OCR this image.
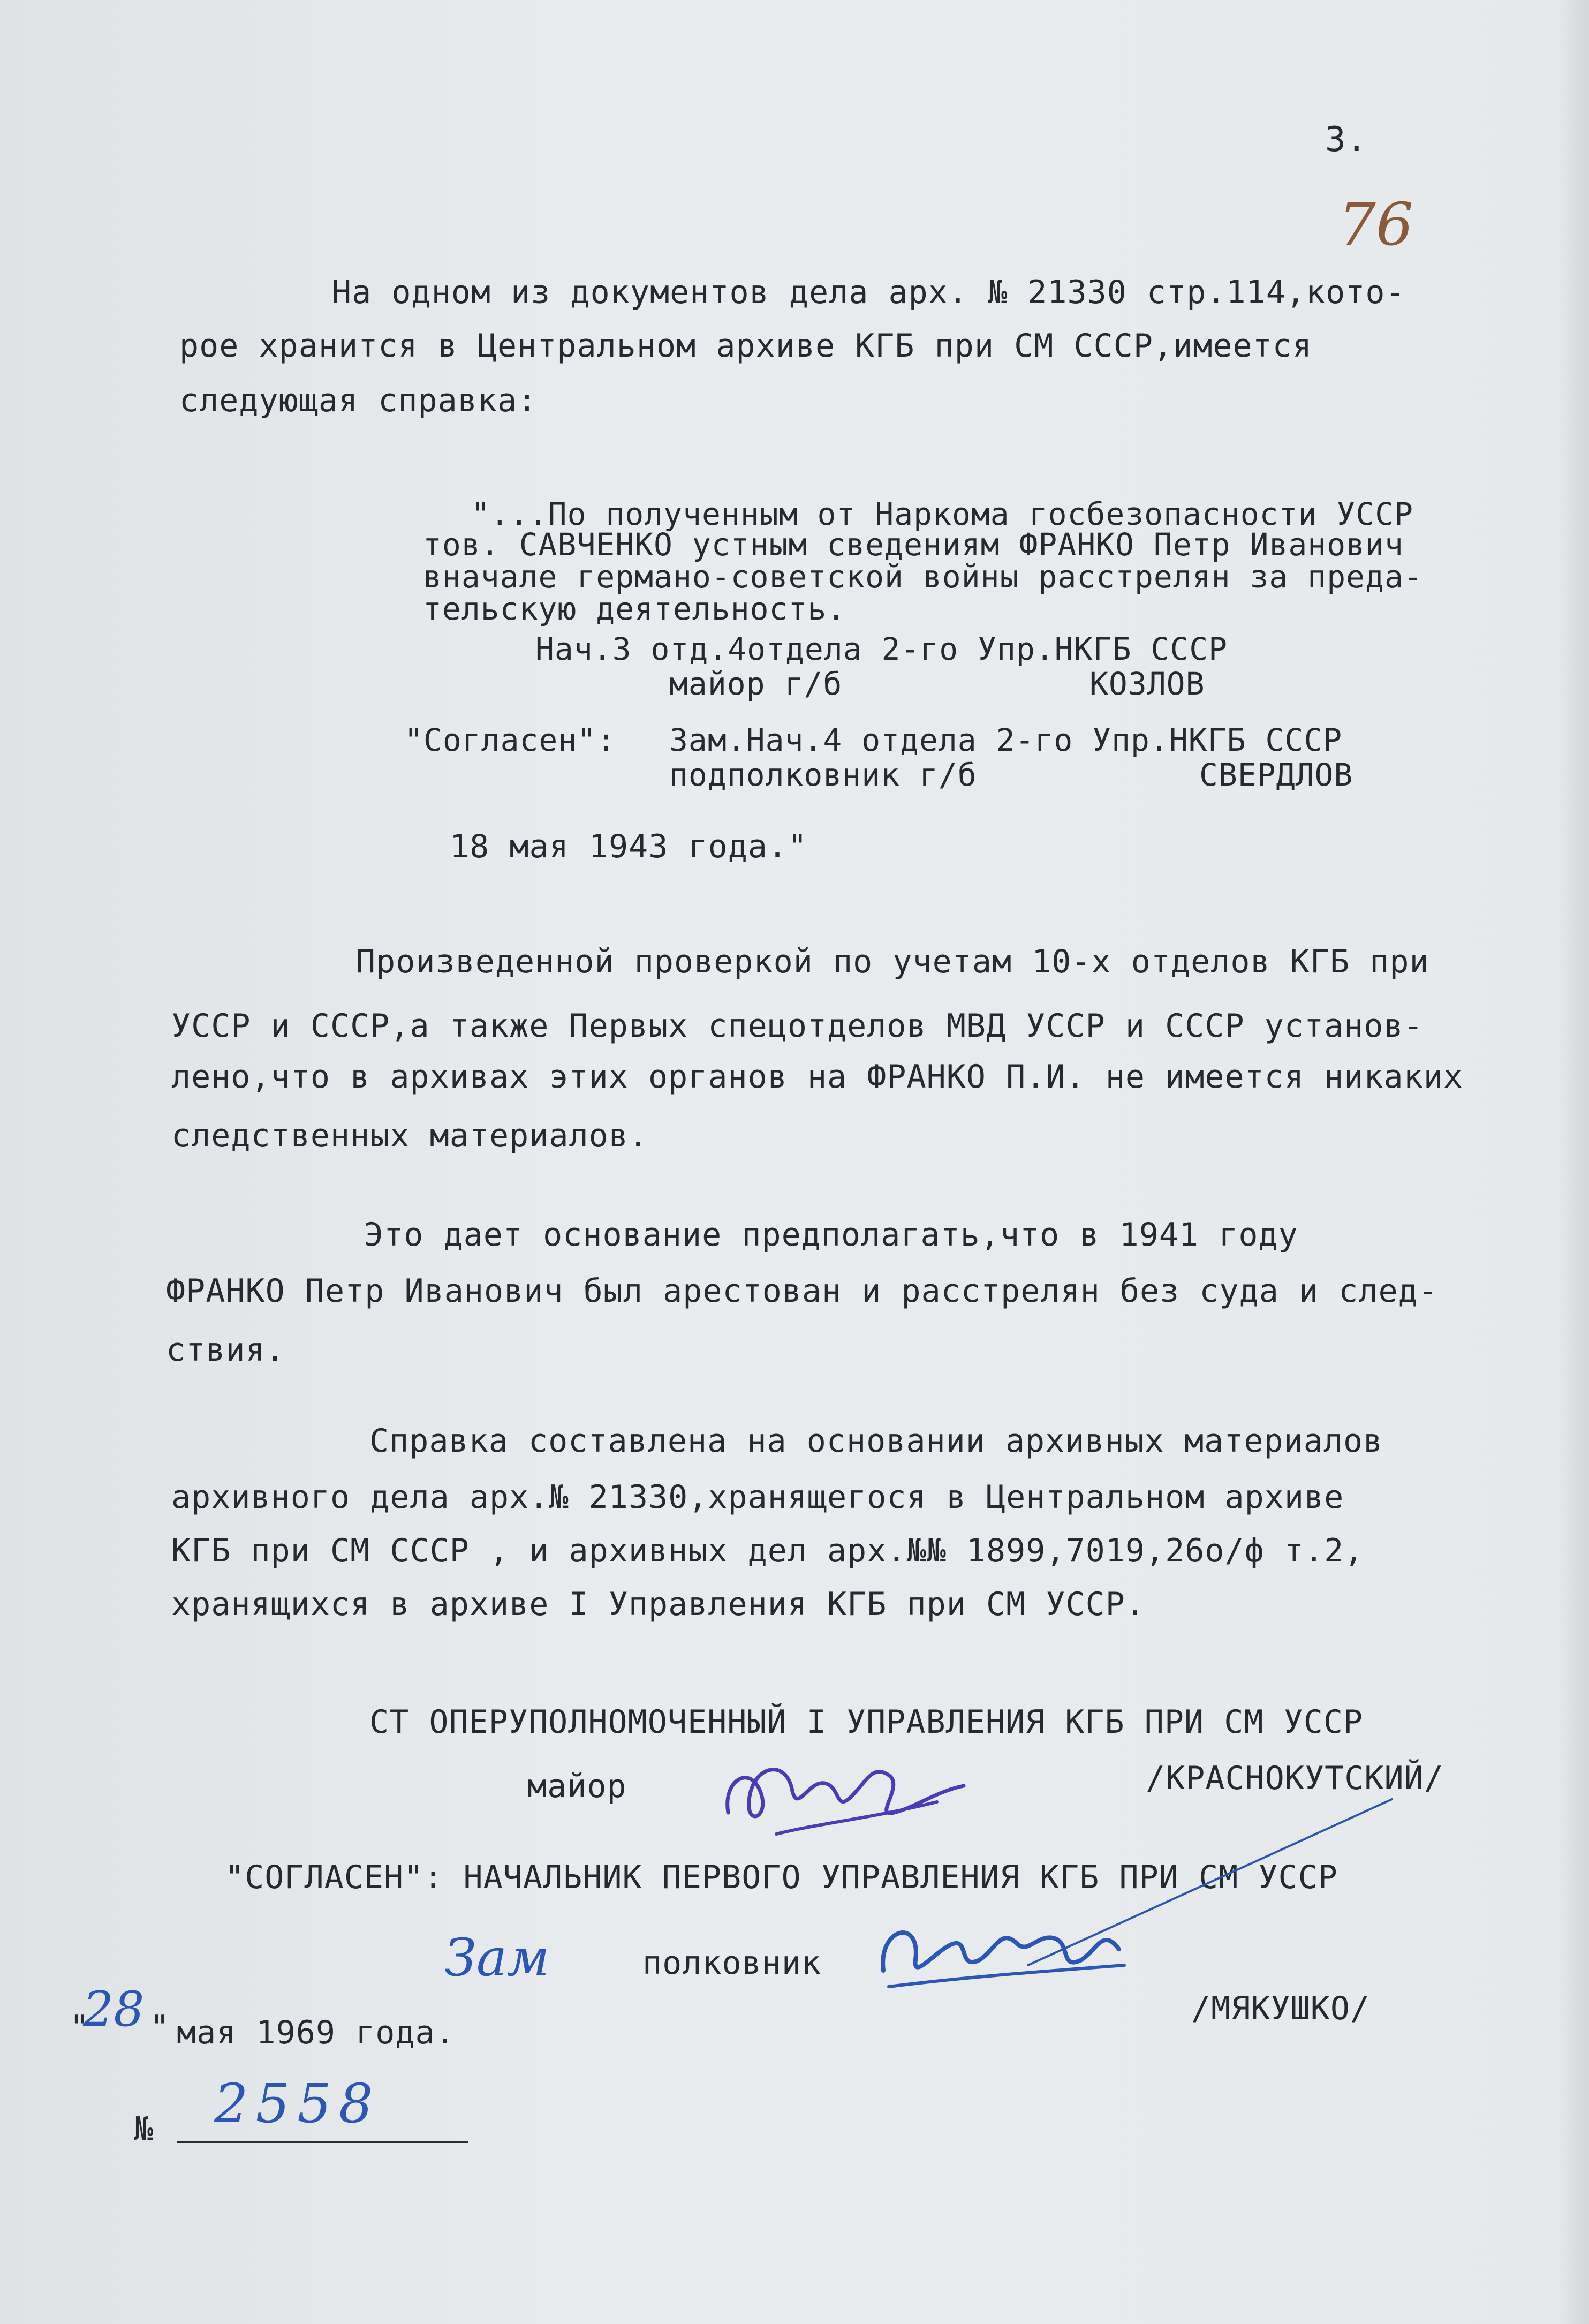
3.
76
На одном из документов дела арх. № 21330 стр.114,кото-
рое хранится в Центральном архиве КГБ при СМ СССР,имеется
следующая справка:
"...По полученным от Наркома госбезопасности УССР
тов. САВЧЕНКО устным сведениям ФРАНКО Петр Иванович
вначале германо-советской войны расстрелян за преда-
тельскую деятельность.
Нач.3 отд.4отдела 2-го Упр.НКГБ СССР
майор г/б	КОЗЛОВ
"Согласен": Зам.Нач.4 отдела 2-го Упр.НКГБ СССР
подполковник г/б	СВЕРДЛОВ
18 мая 1943 года."
Произведенной проверкой по учетам 10-х отделов КГБ при
УССР и СССР,а также Первых спецотделов МВД УССР и СССР установ-
лено,что в архивах этих органов на ФРАНКО П.И. не имеется никаких
следственных материалов.
Это дает основание предполагать,что в 1941 году
ФРАНКО Петр Иванович был арестован и расстрелян без суда и след-
ствия.
Справка составлена на основании архивных материалов
архивного дела арх.№ 21330,хранящегося в Центральном архиве
КГБ при СМ СССР , и архивных дел арх.№№ 1899,7019,26о/ф т.2,
хранящихся в архиве I Управления КГБ при СМ УССР.
СТ ОПЕРУПОЛНОМОЧЕННЫЙ I УПРАВЛЕНИЯ КГБ ПРИ СМ УССР
майор	/КРАСНОКУТСКИЙ/
"СОГЛАСЕН": НАЧАЛЬНИК ПЕРВОГО УПРАВЛЕНИЯ КГБ ПРИ СМ УССР
Зам	полковник
/МЯКУШКО/
"
28 " мая 1969 года.
№ 2558
